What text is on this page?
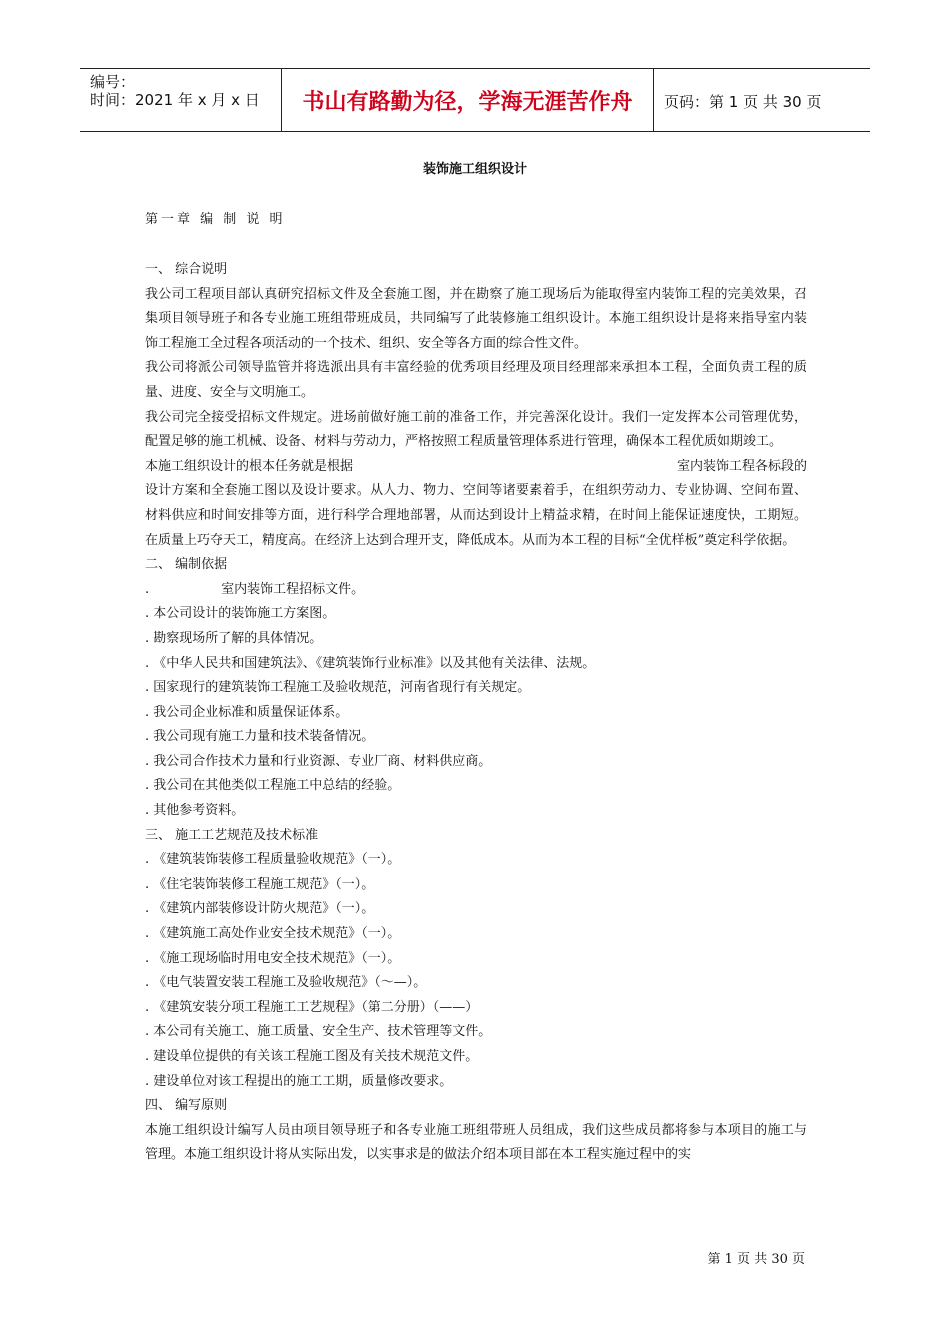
编号：
时间：2021 年 x 月 x 日	书山有路勤为径，学海无涯苦作舟	页码：第 1 页 共 30 页
装饰施工组织设计
第一章 编 制 说 明

一、 综合说明

我公司工程项目部认真研究招标文件及全套施工图，并在勘察了施工现场后为能取得室内装饰工程的完美效果，召集项目领导班子和各专业施工班组带班成员，共同编写了此装修施工组织设计。本施工组织设计是将来指导室内装饰工程施工全过程各项活动的一个技术、组织、安全等各方面的综合性文件。

我公司将派公司领导监管并将选派出具有丰富经验的优秀项目经理及项目经理部来承担本工程，全面负责工程的质量、进度、安全与文明施工。

我公司完全接受招标文件规定。进场前做好施工前的准备工作，并完善深化设计。我们一定发挥本公司管理优势，配置足够的施工机械、设备、材料与劳动力，严格按照工程质量管理体系进行管理，确保本工程优质如期竣工。

本施工组织设计的根本任务就是根据	室内装饰工程各标段的

设计方案和全套施工图以及设计要求。从人力、物力、空间等诸要素着手，在组织劳动力、专业协调、空间布置、材料供应和时间安排等方面，进行科学合理地部署，从而达到设计上精益求精，在时间上能保证速度快，工期短。在质量上巧夺天工，精度高。在经济上达到合理开支，降低成本。从而为本工程的目标“全优样板”奠定科学依据。

二、 编制依据

.	室内装饰工程招标文件。

. 本公司设计的装饰施工方案图。

. 勘察现场所了解的具体情况。

. 《中华人民共和国建筑法》、《建筑装饰行业标准》以及其他有关法律、法规。

. 国家现行的建筑装饰工程施工及验收规范，河南省现行有关规定。

. 我公司企业标准和质量保证体系。

. 我公司现有施工力量和技术装备情况。

. 我公司合作技术力量和行业资源、专业厂商、材料供应商。

. 我公司在其他类似工程施工中总结的经验。

. 其他参考资料。

三、 施工工艺规范及技术标准

. 《建筑装饰装修工程质量验收规范》（一）。

. 《住宅装饰装修工程施工规范》（一）。

. 《建筑内部装修设计防火规范》（一）。

. 《建筑施工高处作业安全技术规范》（一）。

. 《施工现场临时用电安全技术规范》（一）。

. 《电气装置安装工程施工及验收规范》（～—）。

. 《建筑安装分项工程施工工艺规程》（第二分册）（——）

. 本公司有关施工、施工质量、安全生产、技术管理等文件。

. 建设单位提供的有关该工程施工图及有关技术规范文件。

. 建设单位对该工程提出的施工工期，质量修改要求。

四、 编写原则

本施工组织设计编写人员由项目领导班子和各专业施工班组带班人员组成，我们这些成员都将参与本项目的施工与管理。本施工组织设计将从实际出发，以实事求是的做法介绍本项目部在本工程实施过程中的实

第 1 页 共 30 页
